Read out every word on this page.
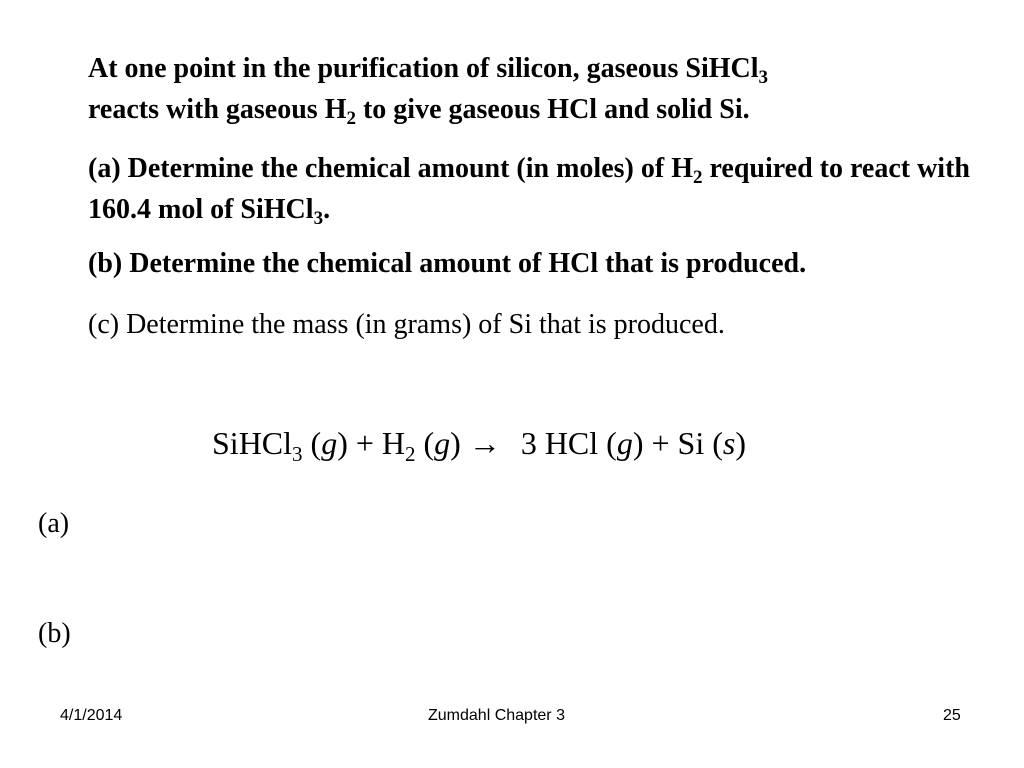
At one point in the purification of silicon, gaseous SiHCl$_3$
reacts with gaseous $H_2$ to give gaseous HCl and solid Si.

(a) Determine the chemical amount (in moles) of $H_2$ required to react with 160.4 mol of SiHCl$_3$.

(b) Determine the chemical amount of HCl that is produced.

(c) Determine the mass (in grams) of Si that is produced.

SiHCl$_3$ $(g) + H_2$ (g) → 3 HCl (g) + Si (s)
(a)
(b)
4/1/2014	Zumdahl Chapter 3	25
